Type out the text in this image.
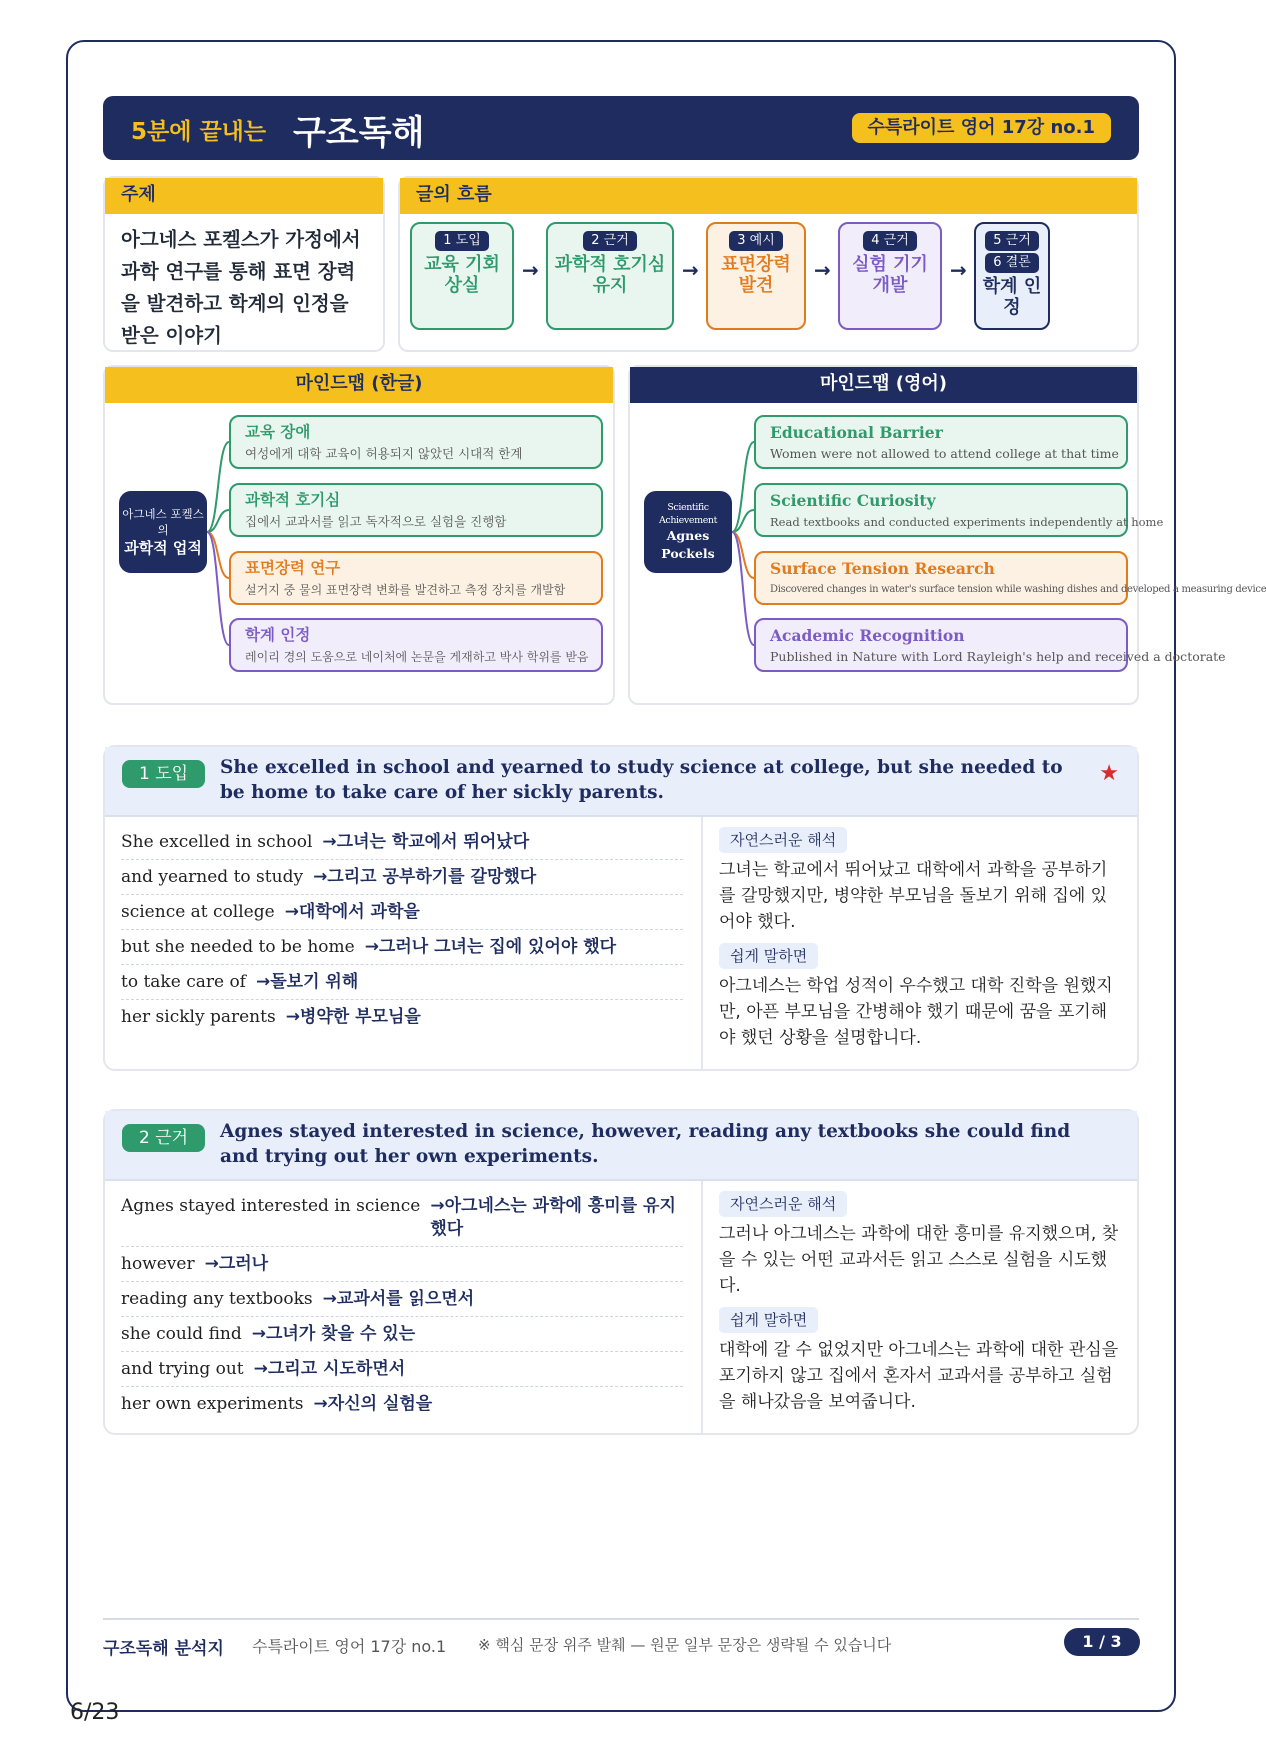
5분에 끝내는 구조독해	수특라이트 영어 17강 no.1
주제
아그네스 포켈스가 가정에서 과학 연구를 통해 표면 장력을 발견하고 학계의 인정을 받은 이야기
글의 흐름
1 도입

교육 기회 상실
→
2 근거

과학적 호기심 유지
→
3 예시

표면장력 발견
→
4 근거

실험 기기 개발
→
5 근거
6 결론

학계 인정
마인드맵 (한글)
아그네스 포켈스의
과학적 업적
교육 장애
여성에게 대학 교육이 허용되지 않았던 시대적 한계
과학적 호기심
집에서 교과서를 읽고 독자적으로 실험을 진행함
표면장력 연구
설거지 중 물의 표면장력 변화를 발견하고 측정 장치를 개발함
학계 인정
레이리 경의 도움으로 네이처에 논문을 게재하고 박사 학위를 받음
마인드맵 (영어)
Scientific Achievement
Agnes Pockels
Educational Barrier
Women were not allowed to attend college at that time
Scientific Curiosity
Read textbooks and conducted experiments independently at home
Surface Tension Research
Discovered changes in water's surface tension while washing dishes and developed a measuring device
Academic Recognition
Published in Nature with Lord Rayleigh's help and received a doctorate
1 도입	She excelled in school and yearned to study science at college, but she needed to be home to take care of her sickly parents.
★
She excelled in school →그녀는 학교에서 뛰어났다
and yearned to study →그리고 공부하기를 갈망했다
science at college →대학에서 과학을
but she needed to be home →그러나 그녀는 집에 있어야 했다
to take care of →돌보기 위해
her sickly parents →병약한 부모님을
자연스러운 해석
그녀는 학교에서 뛰어났고 대학에서 과학을 공부하기를 갈망했지만, 병약한 부모님을 돌보기 위해 집에 있어야 했다.
쉽게 말하면
아그네스는 학업 성적이 우수했고 대학 진학을 원했지만, 아픈 부모님을 간병해야 했기 때문에 꿈을 포기해야 했던 상황을 설명합니다.
2 근거	Agnes stayed interested in science, however, reading any textbooks she could find and trying out her own experiments.
Agnes stayed interested in science →아그네스는 과학에 흥미를 유지했다
however →그러나
reading any textbooks →교과서를 읽으면서
she could find →그녀가 찾을 수 있는
and trying out →그리고 시도하면서
her own experiments →자신의 실험을
자연스러운 해석
그러나 아그네스는 과학에 대한 흥미를 유지했으며, 찾을 수 있는 어떤 교과서든 읽고 스스로 실험을 시도했다.
쉽게 말하면
대학에 갈 수 없었지만 아그네스는 과학에 대한 관심을 포기하지 않고 집에서 혼자서 교과서를 공부하고 실험을 해나갔음을 보여줍니다.
구조독해 분석지 수특라이트 영어 17강 no.1 ※ 핵심 문장 위주 발췌 — 원문 일부 문장은 생략될 수 있습니다	1 / 3
6/23
